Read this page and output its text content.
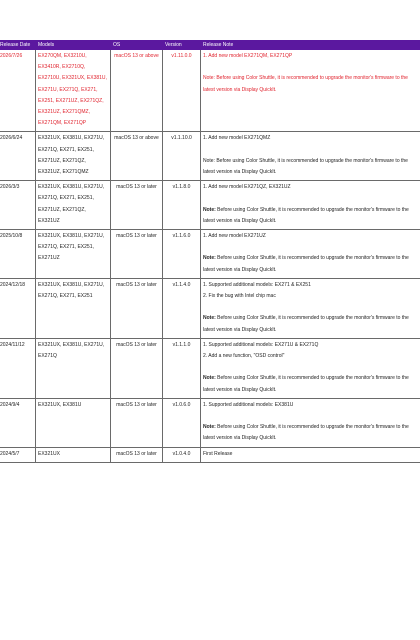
Release Date	Models	OS	Version	Release Note
2026/7/26	EX270QM, EX3210U, EX3410R, EX2710Q, EX2710U, EX321UX, EX381U, EX271U, EX271Q, EX271, EX251, EX271UZ, EX271QZ, EX321UZ, EX271QMZ, EX271QM, EX271QP	macOS 13 or above	v1.11.0.0	1. Add new model EX271QM, EX271QP
Note: Before using Color Shuttle, it is recommended to upgrade the monitor's firmware to the latest version via Display QuickIt.

2026/6/24	EX321UX, EX381U, EX271U, EX271Q, EX271, EX251, EX271UZ, EX271QZ, EX321UZ, EX271QMZ	macOS 13 or above	v1.1.10.0	1. Add new model EX271QMZ
Note: Before using Color Shuttle, it is recommended to upgrade the monitor's firmware to the latest version via Display QuickIt.

2026/3/3	EX321UX, EX381U, EX271U, EX271Q, EX271, EX251, EX271UZ, EX271QZ, EX321UZ	macOS 13 or later	v1.1.8.0	1. Add new model EX271QZ, EX321UZ
Note: Before using Color Shuttle, it is recommended to upgrade the monitor's firmware to the latest version via Display QuickIt.

2025/10/8	EX321UX, EX381U, EX271U, EX271Q, EX271, EX251, EX271UZ	macOS 13 or later	v1.1.6.0	1. Add new model EX271UZ
Note: Before using Color Shuttle, it is recommended to upgrade the monitor's firmware to the latest version via Display QuickIt.

2024/12/18	EX321UX, EX381U, EX271U, EX271Q, EX271, EX251	macOS 13 or later	v1.1.4.0	1. Supported additional models: EX271 & EX251
2. Fix the bug with Intel chip mac
Note: Before using Color Shuttle, it is recommended to upgrade the monitor's firmware to the latest version via Display QuickIt.

2024/11/12	EX321UX, EX381U, EX271U, EX271Q	macOS 13 or later	v1.1.1.0	1. Supported additional models: EX271U & EX271Q
2. Add a new function, "OSD control"
Note: Before using Color Shuttle, it is recommended to upgrade the monitor's firmware to the latest version via Display QuickIt.

2024/9/4	EX321UX, EX381U	macOS 13 or later	v1.0.6.0	1. Supported additional models: EX381U
Note: Before using Color Shuttle, it is recommended to upgrade the monitor's firmware to the latest version via Display QuickIt.

2024/5/7	EX321UX	macOS 13 or later	v1.0.4.0	First Release
